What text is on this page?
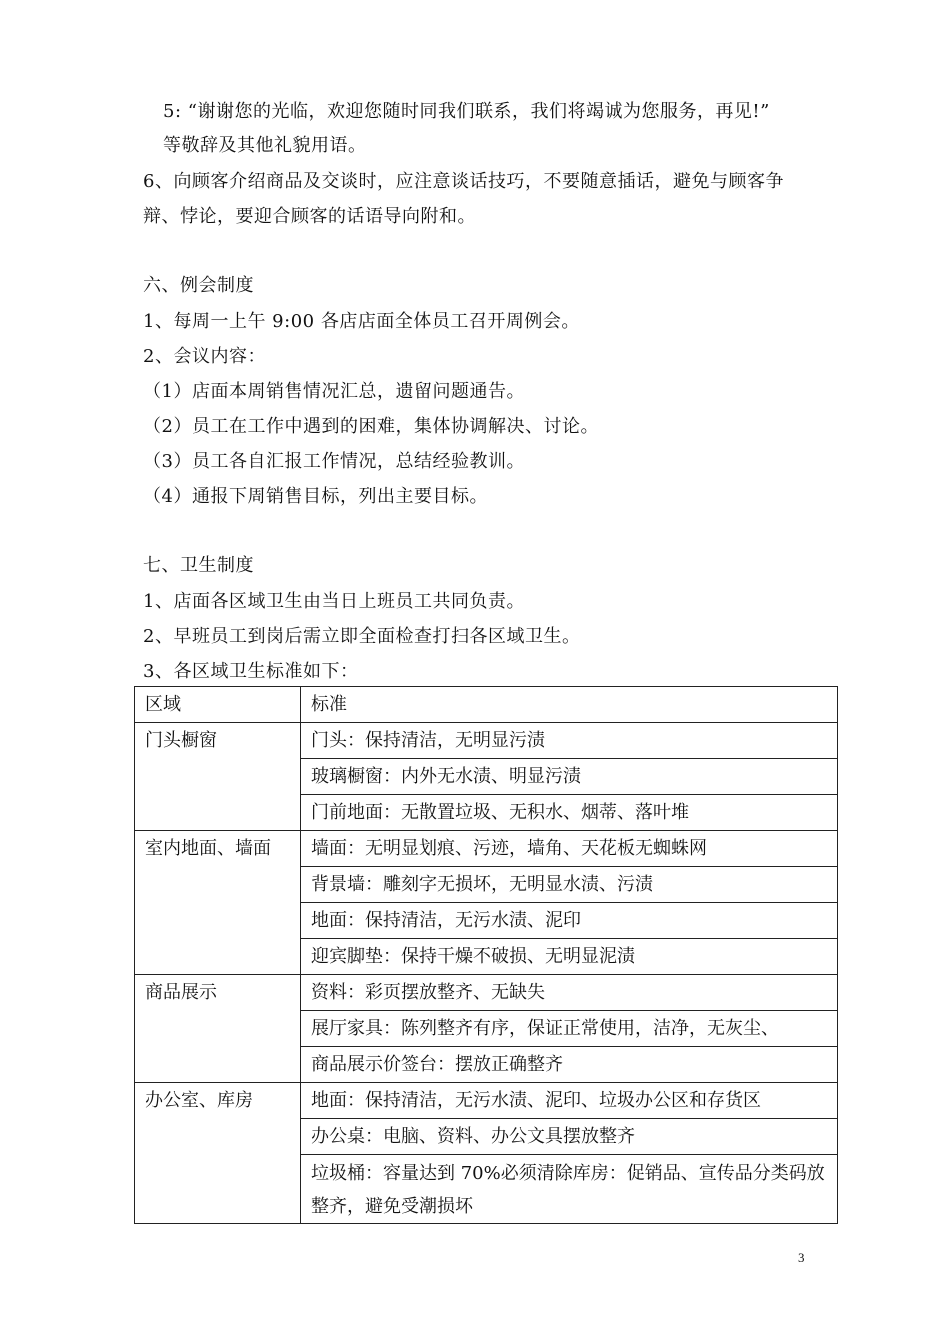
5: “谢谢您的光临，欢迎您随时同我们联系，我们将竭诚为您服务，再见!”
等敬辞及其他礼貌用语。
6、向顾客介绍商品及交谈时，应注意谈话技巧，不要随意插话，避免与顾客争
辩、悖论，要迎合顾客的话语导向附和。
六、例会制度
1、每周一上午 9:00 各店店面全体员工召开周例会。
2、会议内容：
（1）店面本周销售情况汇总，遗留问题通告。
（2）员工在工作中遇到的困难，集体协调解决、讨论。
（3）员工各自汇报工作情况，总结经验教训。
（4）通报下周销售目标，列出主要目标。
七、卫生制度
1、店面各区域卫生由当日上班员工共同负责。
2、早班员工到岗后需立即全面检查打扫各区域卫生。
3、各区域卫生标准如下：
区域	标准
门头橱窗	门头：保持清洁，无明显污渍
	玻璃橱窗：内外无水渍、明显污渍
	门前地面：无散置垃圾、无积水、烟蒂、落叶堆
室内地面、墙面	墙面：无明显划痕、污迹，墙角、天花板无蜘蛛网
	背景墙：雕刻字无损坏，无明显水渍、污渍
	地面：保持清洁，无污水渍、泥印
	迎宾脚垫：保持干燥不破损、无明显泥渍
商品展示	资料：彩页摆放整齐、无缺失
	展厅家具：陈列整齐有序，保证正常使用，洁净，无灰尘、
	商品展示价签台：摆放正确整齐
办公室、库房	地面：保持清洁，无污水渍、泥印、垃圾办公区和存货区
	办公桌：电脑、资料、办公文具摆放整齐
	垃圾桶：容量达到 70%必须清除库房：促销品、宣传品分类码放整齐，避免受潮损坏
3
